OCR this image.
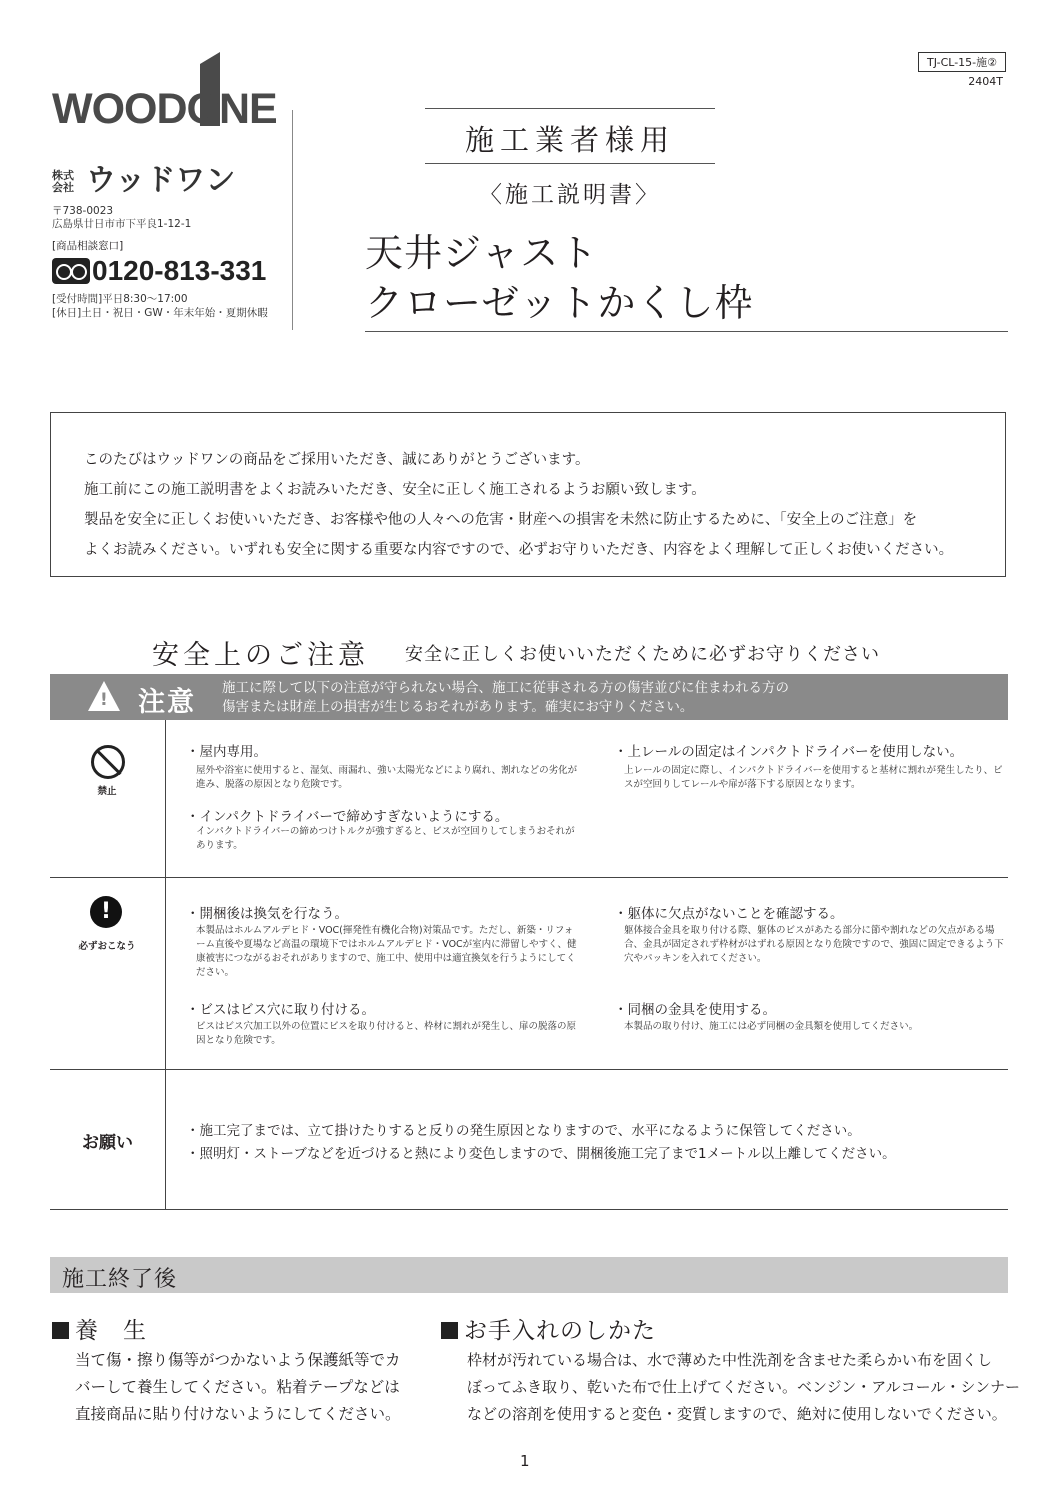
WOODONE
株式会社 ウッドワン
〒738-0023
広島県廿日市市下平良1-12-1
[商品相談窓口]
0120-813-331
[受付時間]平日8:30〜17:00
[休日]土日・祝日・GW・年末年始・夏期休暇
TJ-CL-15-施②
2404T
施工業者様用
〈施工説明書〉
天井ジャスト
クローゼットかくし枠

このたびはウッドワンの商品をご採用いただき、誠にありがとうございます。

施工前にこの施工説明書をよくお読みいただき、安全に正しく施工されるようお願い致します。

製品を安全に正しくお使いいただき、お客様や他の人々への危害・財産への損害を未然に防止するために、「安全上のご注意」を

よくお読みください。いずれも安全に関する重要な内容ですので、必ずお守りいただき、内容をよく理解して正しくお使いください。

安全上のご注意 安全に正しくお使いいただくために必ずお守りください
! 注意 施工に際して以下の注意が守られない場合、施工に従事される方の傷害並びに住まわれる方の
傷害または財産上の損害が生じるおそれがあります。確実にお守りください。
禁止
・屋内専用。
屋外や浴室に使用すると、湿気、雨漏れ、強い太陽光などにより腐れ、割れなどの劣化が進み、脱落の原因となり危険です。
・インパクトドライバーで締めすぎないようにする。
インパクトドライバーの締めつけトルクが強すぎると、ビスが空回りしてしまうおそれがあります。
・上レールの固定はインパクトドライバーを使用しない。
上レールの固定に際し、インパクトドライバーを使用すると基材に割れが発生したり、ビスが空回りしてレールや扉が落下する原因となります。
!
必ずおこなう
・開梱後は換気を行なう。
本製品はホルムアルデヒド・VOC(揮発性有機化合物)対策品です。ただし、新築・リフォーム直後や夏場など高温の環境下ではホルムアルデヒド・VOCが室内に滞留しやすく、健康被害につながるおそれがありますので、施工中、使用中は適宜換気を行うようにしてください。
・ビスはビス穴に取り付ける。
ビスはビス穴加工以外の位置にビスを取り付けると、枠材に割れが発生し、扉の脱落の原因となり危険です。
・躯体に欠点がないことを確認する。
躯体接合金具を取り付ける際、躯体のビスがあたる部分に節や割れなどの欠点がある場合、金具が固定されず枠材がはずれる原因となり危険ですので、強固に固定できるよう下穴やパッキンを入れてください。
・同梱の金具を使用する。
本製品の取り付け、施工には必ず同梱の金具類を使用してください。
お願い
・施工完了までは、立て掛けたりすると反りの発生原因となりますので、水平になるように保管してください。
・照明灯・ストーブなどを近づけると熱により変色しますので、開梱後施工完了まで1メートル以上離してください。
施工終了後
養　生
当て傷・擦り傷等がつかないよう保護紙等でカ
バーして養生してください。粘着テープなどは
直接商品に貼り付けないようにしてください。
お手入れのしかた
枠材が汚れている場合は、水で薄めた中性洗剤を含ませた柔らかい布を固くし
ぼってふき取り、乾いた布で仕上げてください。ベンジン・アルコール・シンナー
などの溶剤を使用すると変色・変質しますので、絶対に使用しないでください。
1
